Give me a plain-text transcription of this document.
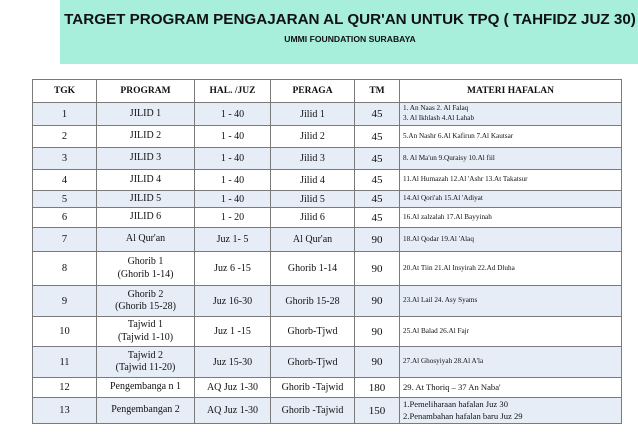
TARGET PROGRAM PENGAJARAN AL QUR'AN UNTUK TPQ ( TAHFIDZ JUZ 30)
UMMI FOUNDATION SURABAYA
TGK	PROGRAM	HAL. /JUZ	PERAGA	TM	MATERI HAFALAN
1	JILID 1	1 - 40	Jilid 1	45	1. An Naas 2. Al Falaq
3. Al Ikhlash 4.Al Lahab
2	JILID 2	1 - 40	Jilid 2	45	5.An Nashr 6.Al Kafirun 7.Al Kautsar
3	JILID 3	1 - 40	Jilid 3	45	8. Al Ma'un 9.Quraisy 10.Al fiil
4	JILID 4	1 - 40	Jilid 4	45	11.Al Humazah 12.Al 'Ashr 13.At Takatsur
5	JILID 5	1 - 40	Jilid 5	45	14.Al Qori'ah 15.Al 'Adiyat
6	JILID 6	1 - 20	Jilid 6	45	16.Al zalzalah 17.Al Bayyinah
7	Al Qur'an	Juz 1- 5	Al Qur'an	90	18.Al Qodar 19.Al 'Alaq
8	Ghorib 1
(Ghorib 1-14)	Juz 6 -15	Ghorib 1-14	90	20.At Tiin 21.Al Insyirah 22.Ad Dluha
9	Ghorib 2
(Ghorib 15-28)	Juz 16-30	Ghorib 15-28	90	23.Al Lail 24. Asy Syams
10	Tajwid 1
(Tajwid 1-10)	Juz 1 -15	Ghorb-Tjwd	90	25.Al Balad 26.Al Fajr
11	Tajwid 2
(Tajwid 11-20)	Juz 15-30	Ghorb-Tjwd	90	27.Al Ghosyiyah 28.Al A'la
12	Pengembanga n 1	AQ Juz 1-30	Ghorib -Tajwid	180	29. At Thoriq – 37 An Naba'
13	Pengembangan 2	AQ Juz 1-30	Ghorib -Tajwid	150	1.Pemeliharaan hafalan Juz 30
2.Penambahan hafalan baru Juz 29
